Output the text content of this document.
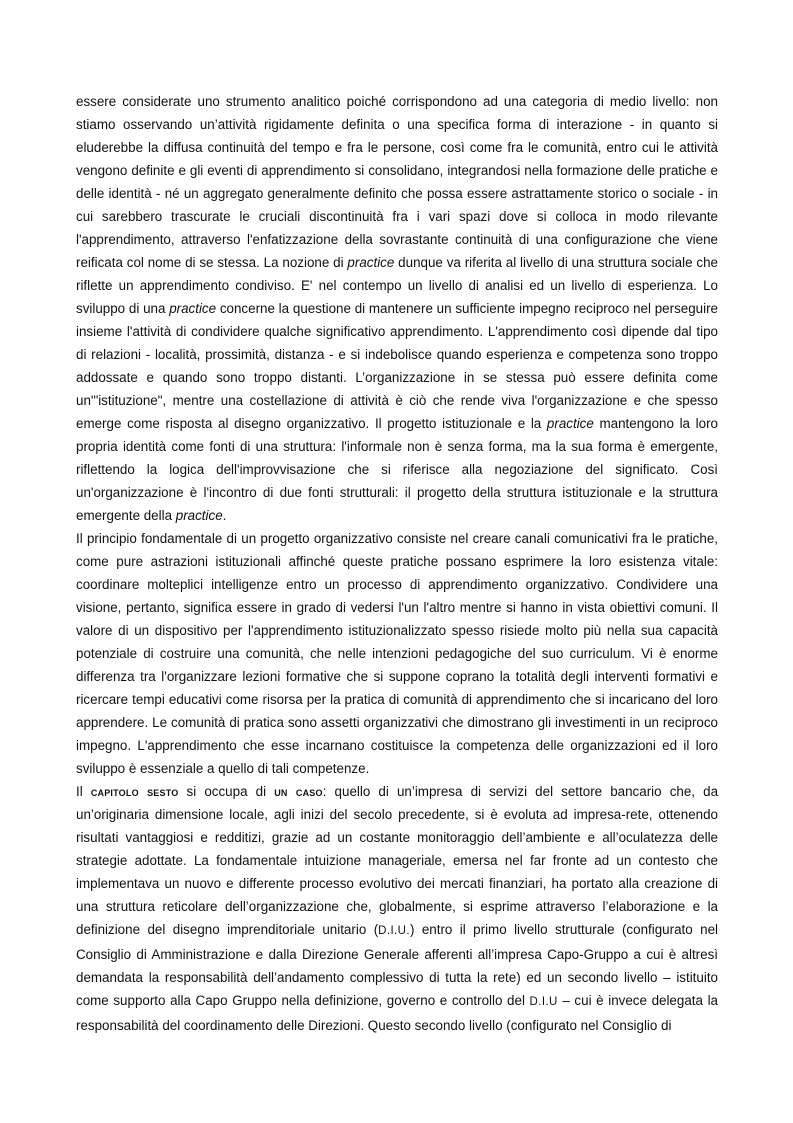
essere considerate uno strumento analitico poiché corrispondono ad una categoria di medio livello: non stiamo osservando un’attività rigidamente definita o una specifica forma di interazione - in quanto si eluderebbe la diffusa continuità del tempo e fra le persone, così come fra le comunità, entro cui le attività vengono definite e gli eventi di apprendimento si consolidano, integrandosi nella formazione delle pratiche e delle identità - né un aggregato generalmente definito che possa essere astrattamente storico o sociale - in cui sarebbero trascurate le cruciali discontinuità fra i vari spazi dove si colloca in modo rilevante l'apprendimento, attraverso l'enfatizzazione della sovrastante continuità di una configurazione che viene reificata col nome di se stessa. La nozione di practice dunque va riferita al livello di una struttura sociale che riflette un apprendimento condiviso. E' nel contempo un livello di analisi ed un livello di esperienza. Lo sviluppo di una practice concerne la questione di mantenere un sufficiente impegno reciproco nel perseguire insieme l'attività di condividere qualche significativo apprendimento. L'apprendimento così dipende dal tipo di relazioni - località, prossimità, distanza - e si indebolisce quando esperienza e competenza sono troppo addossate e quando sono troppo distanti. L’organizzazione in se stessa può essere definita come un'"istituzione", mentre una costellazione di attività è ciò che rende viva l'organizzazione e che spesso emerge come risposta al disegno organizzativo. Il progetto istituzionale e la practice mantengono la loro propria identità come fonti di una struttura: l'informale non è senza forma, ma la sua forma è emergente, riflettendo la logica dell'improvvisazione che si riferisce alla negoziazione del significato. Così un'organizzazione è l'incontro di due fonti strutturali: il progetto della struttura istituzionale e la struttura emergente della practice.

Il principio fondamentale di un progetto organizzativo consiste nel creare canali comunicativi fra le pratiche, come pure astrazioni istituzionali affinché queste pratiche possano esprimere la loro esistenza vitale: coordinare molteplici intelligenze entro un processo di apprendimento organizzativo. Condividere una visione, pertanto, significa essere in grado di vedersi l'un l'altro mentre si hanno in vista obiettivi comuni. Il valore di un dispositivo per l'apprendimento istituzionalizzato spesso risiede molto più nella sua capacità potenziale di costruire una comunità, che nelle intenzioni pedagogiche del suo curriculum. Vi è enorme differenza tra l'organizzare lezioni formative che si suppone coprano la totalità degli interventi formativi e ricercare tempi educativi come risorsa per la pratica di comunità di apprendimento che si incaricano del loro apprendere. Le comunità di pratica sono assetti organizzativi che dimostrano gli investimenti in un reciproco impegno. L'apprendimento che esse incarnano costituisce la competenza delle organizzazioni ed il loro sviluppo è essenziale a quello di tali competenze.

Il capitolo sesto si occupa di un caso: quello di un’impresa di servizi del settore bancario che, da un’originaria dimensione locale, agli inizi del secolo precedente, si è evoluta ad impresa-rete, ottenendo risultati vantaggiosi e redditizi, grazie ad un costante monitoraggio dell’ambiente e all’oculatezza delle strategie adottate. La fondamentale intuizione manageriale, emersa nel far fronte ad un contesto che implementava un nuovo e differente processo evolutivo dei mercati finanziari, ha portato alla creazione di una struttura reticolare dell’organizzazione che, globalmente, si esprime attraverso l’elaborazione e la definizione del disegno imprenditoriale unitario (D.I.U.) entro il primo livello strutturale (configurato nel Consiglio di Amministrazione e dalla Direzione Generale afferenti all’impresa Capo-Gruppo a cui è altresì demandata la responsabilità dell’andamento complessivo di tutta la rete) ed un secondo livello – istituito come supporto alla Capo Gruppo nella definizione, governo e controllo del D.I.U – cui è invece delegata la responsabilità del coordinamento delle Direzioni. Questo secondo livello (configurato nel Consiglio di
